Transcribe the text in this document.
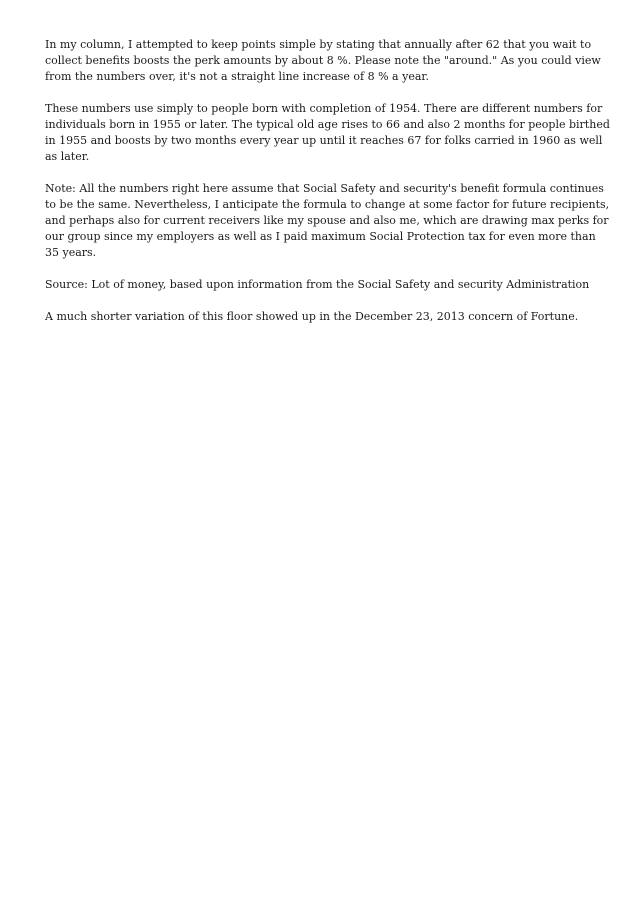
In my column, I attempted to keep points simple by stating that annually after 62 that you wait to
collect benefits boosts the perk amounts by about 8 %. Please note the "around." As you could view
from the numbers over, it's not a straight line increase of 8 % a year.

These numbers use simply to people born with completion of 1954. There are different numbers for
individuals born in 1955 or later. The typical old age rises to 66 and also 2 months for people birthed
in 1955 and boosts by two months every year up until it reaches 67 for folks carried in 1960 as well
as later.

Note: All the numbers right here assume that Social Safety and security's benefit formula continues
to be the same. Nevertheless, I anticipate the formula to change at some factor for future recipients,
and perhaps also for current receivers like my spouse and also me, which are drawing max perks for
our group since my employers as well as I paid maximum Social Protection tax for even more than
35 years.

Source: Lot of money, based upon information from the Social Safety and security Administration

A much shorter variation of this floor showed up in the December 23, 2013 concern of Fortune.
